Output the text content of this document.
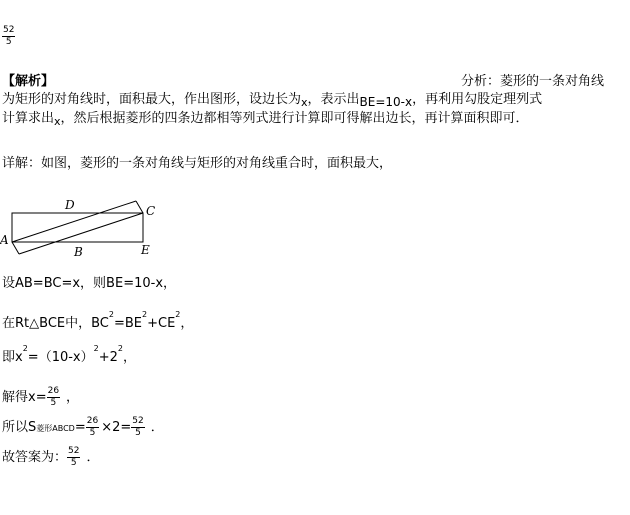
$\frac{52}{5}$
【解析】	分析：菱形的一条对角线
为矩形的对角线时，面积最大，作出图形，设边长为$_x$，表示出BE=10-x，再利用勾股定理列式
计算求出$_x$，然后根据菱形的四条边都相等列式进行计算即可得解出边长，再计算面积即可．
详解：如图，菱形的一条对角线与矩形的对角线重合时，面积最大，
A
B
C
D
E
设AB=BC=x，则BE=10-x，
在Rt△BCE中，$BC^2=BE^2+CE^2$，
即$x^2=(10-x)^2+2^2$，
解得$x= \frac{26}{5}$ ，
所以S菱形ABCD= $\frac{26}{5} \times 2= \frac{52}{5}$ ．
故答案为： $\frac{52}{5}$ ．
